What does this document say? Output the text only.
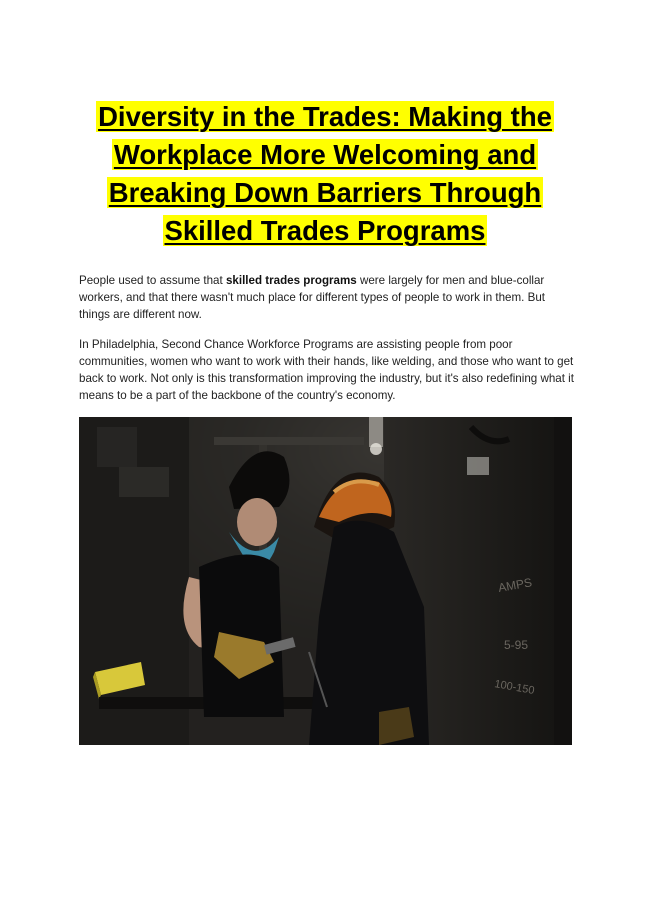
Diversity in the Trades: Making the
Workplace More Welcoming and
Breaking Down Barriers Through
Skilled Trades Programs

People used to assume that skilled trades programs were largely for men and blue-collar workers, and that there wasn't much place for different types of people to work in them. But things are different now.

In Philadelphia, Second Chance Workforce Programs are assisting people from poor communities, women who want to work with their hands, like welding, and those who want to get back to work. Not only is this transformation improving the industry, but it's also redefining what it means to be a part of the backbone of the country's economy.

AMPS
5-95
100-150
